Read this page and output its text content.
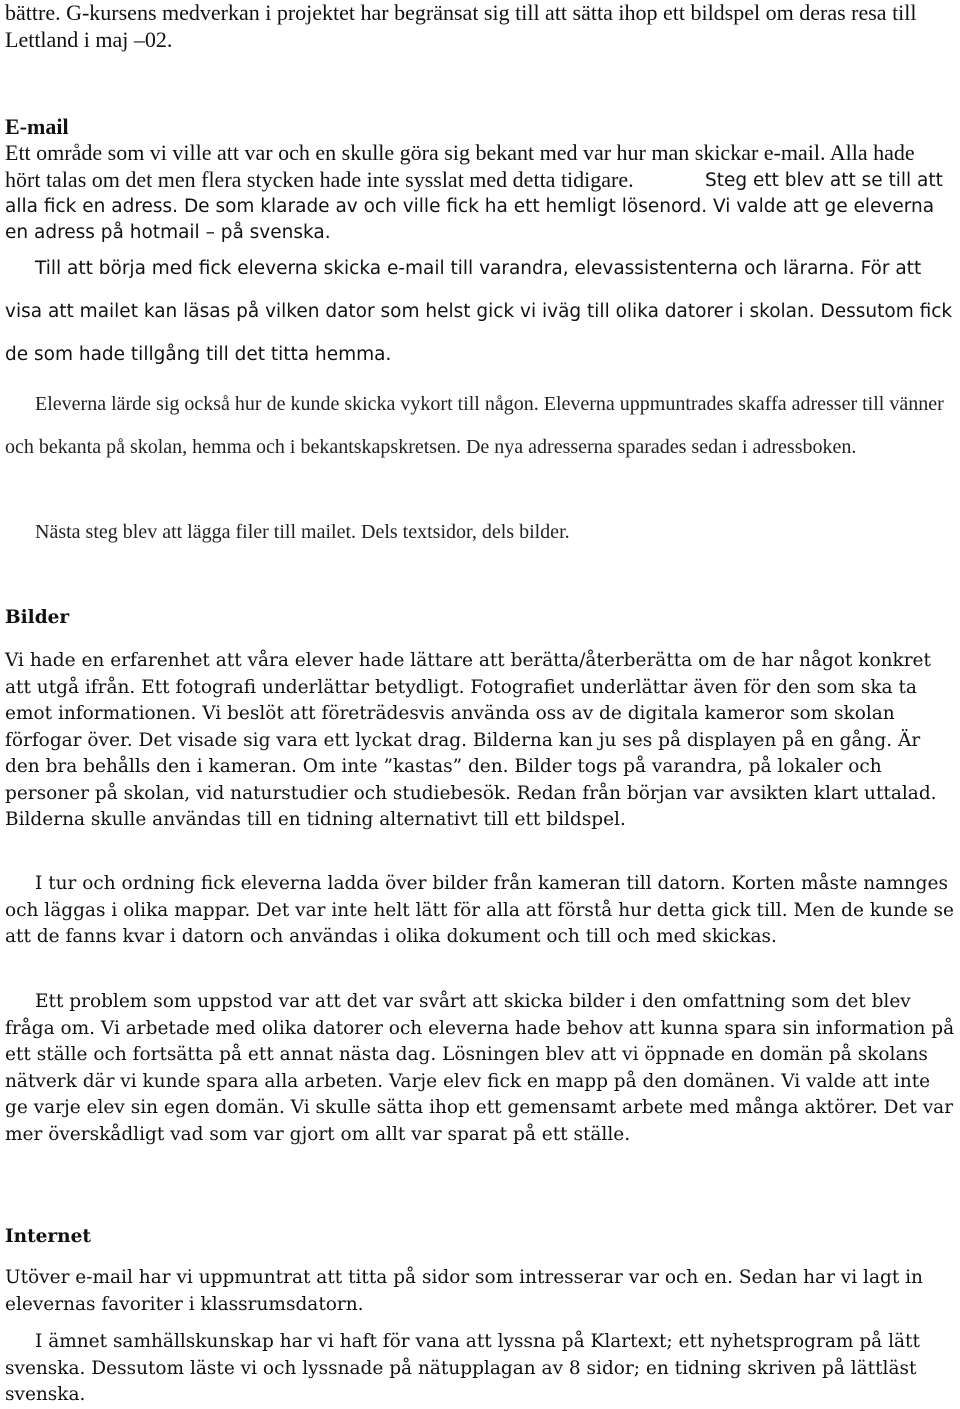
bättre. G-kursens medverkan i projektet har begränsat sig till att sätta ihop ett bildspel om deras resa till Lettland i maj –02.

E-mail

Ett område som vi ville att var och en skulle göra sig bekant med var hur man skickar e-mail. Alla hade hört talas om det men flera stycken hade inte sysslat med detta tidigare.	Steg ett blev att se till att alla fick en adress. De som klarade av och ville fick ha ett hemligt lösenord. Vi valde att ge eleverna en adress på hotmail – på svenska.

Till att börja med fick eleverna skicka e-mail till varandra, elevassistenterna och lärarna. För att visa att mailet kan läsas på vilken dator som helst gick vi iväg till olika datorer i skolan. Dessutom fick de som hade tillgång till det titta hemma.

Eleverna lärde sig också hur de kunde skicka vykort till någon. Eleverna uppmuntrades skaffa adresser till vänner och bekanta på skolan, hemma och i bekantskapskretsen. De nya adresserna sparades sedan i adressboken.

Nästa steg blev att lägga filer till mailet. Dels textsidor, dels bilder.

Bilder

Vi hade en erfarenhet att våra elever hade lättare att berätta/återberätta om de har något konkret att utgå ifrån. Ett fotografi underlättar betydligt. Fotografiet underlättar även för den som ska ta emot informationen. Vi beslöt att företrädesvis använda oss av de digitala kameror som skolan förfogar över. Det visade sig vara ett lyckat drag. Bilderna kan ju ses på displayen på en gång. Är den bra behålls den i kameran. Om inte ”kastas” den. Bilder togs på varandra, på lokaler och personer på skolan, vid naturstudier och studiebesök. Redan från början var avsikten klart uttalad. Bilderna skulle användas till en tidning alternativt till ett bildspel.

I tur och ordning fick eleverna ladda över bilder från kameran till datorn. Korten måste namnges och läggas i olika mappar. Det var inte helt lätt för alla att förstå hur detta gick till. Men de kunde se att de fanns kvar i datorn och användas i olika dokument och till och med skickas.

Ett problem som uppstod var att det var svårt att skicka bilder i den omfattning som det blev fråga om. Vi arbetade med olika datorer och eleverna hade behov att kunna spara sin information på ett ställe och fortsätta på ett annat nästa dag. Lösningen blev att vi öppnade en domän på skolans nätverk där vi kunde spara alla arbeten. Varje elev fick en mapp på den domänen. Vi valde att inte ge varje elev sin egen domän. Vi skulle sätta ihop ett gemensamt arbete med många aktörer. Det var mer överskådligt vad som var gjort om allt var sparat på ett ställe.

Internet

Utöver e-mail har vi uppmuntrat att titta på sidor som intresserar var och en. Sedan har vi lagt in elevernas favoriter i klassrumsdatorn.

I ämnet samhällskunskap har vi haft för vana att lyssna på Klartext; ett nyhetsprogram på lätt svenska. Dessutom läste vi och lyssnade på nätupplagan av 8 sidor; en tidning skriven på lättläst svenska.
